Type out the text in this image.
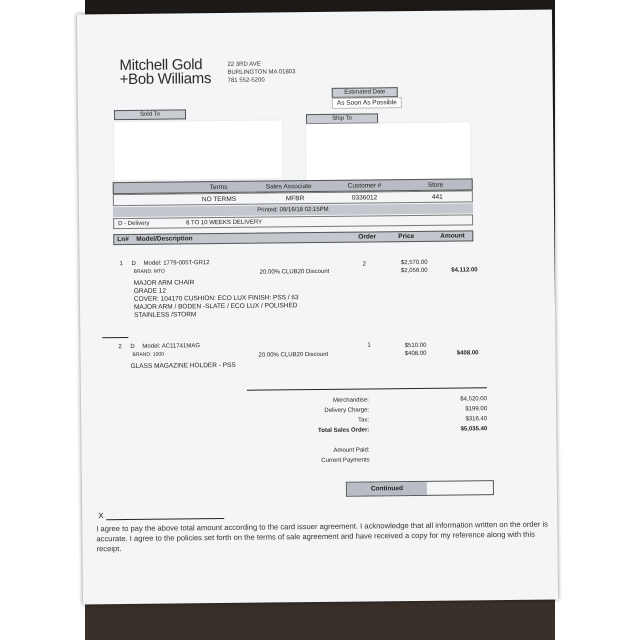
Mitchell Gold
+Bob Williams
22 3RD AVE
BURLINGTON MA 01803
781 552-5200
Estimated Date
As Soon As Possible
Sold To
Ship To
Terms	Sales Associate	Customer #	Store
NO TERMS	MFBR	0336012	441
Printed: 09/16/18 02:15PM
D - Delivery	8 TO 10 WEEKS DELIVERY
Ln# Model/Description	Order	Price	Amount
1 D Model: 1779-005T-GR12
BRAND: MTO	20.00% CLUB20 Discount
2	$2,570.00
$2,056.00	$4,112.00
MAJOR ARM CHAIR
GRADE 12
COVER: 104170 CUSHION: ECO LUX FINISH: PSS / 63
MAJOR ARM / BODEN -SLATE / ECO LUX / POLISHED
STAINLESS /STORM
2 D Model: AC11741MAG
BRAND: 1000	20.00% CLUB20 Discount
1	$510.00
$408.00	$408.00
GLASS MAGAZINE HOLDER - PSS
Merchandise:	$4,520.00
Delivery Charge:	$199.00
Tax:	$316.40
Total Sales Order:	$5,035.40
Amount Paid:
Current Payments
Continued
X
I agree to pay the above total amount according to the card issuer agreement. I acknowledge that all information written on the order is accurate. I agree to the policies set forth on the terms of sale agreement and have received a copy for my reference along with this receipt.
